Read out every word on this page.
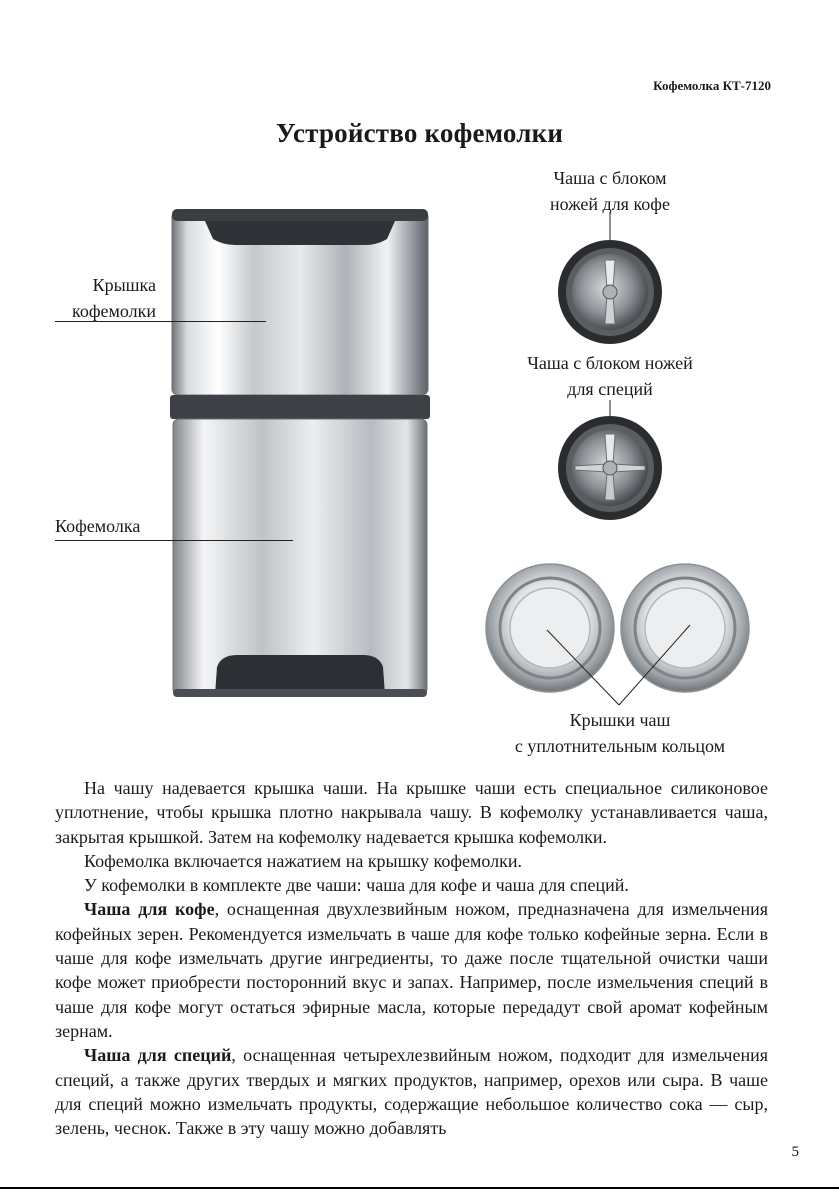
Кофемолка КТ-7120
Устройство кофемолки
Крышка
кофемолки
Кофемолка
Чаша с блоком
ножей для кофе
Чаша с блоком ножей
для специй
Крышки чаш
с уплотнительным кольцом

На чашу надевается крышка чаши. На крышке чаши есть специальное силиконовое уплотнение, чтобы крышка плотно накрывала чашу. В кофемолку устанавливается чаша, закрытая крышкой. Затем на кофемолку надевается крышка кофемолки.

Кофемолка включается нажатием на крышку кофемолки.

У кофемолки в комплекте две чаши: чаша для кофе и чаша для специй.

Чаша для кофе, оснащенная двухлезвийным ножом, предназначена для измельчения кофейных зерен. Рекомендуется измельчать в чаше для кофе только кофейные зерна. Если в чаше для кофе измельчать другие ингредиенты, то даже после тщательной очистки чаши кофе может приобрести посторонний вкус и запах. Например, после измельчения специй в чаше для кофе могут остаться эфирные масла, которые передадут свой аромат кофейным зернам.

Чаша для специй, оснащенная четырехлезвийным ножом, подходит для измельчения специй, а также других твердых и мягких продуктов, например, орехов или сыра. В чаше для специй можно измельчать продукты, содержащие небольшое количество сока — сыр, зелень, чеснок. Также в эту чашу можно добавлять

5
